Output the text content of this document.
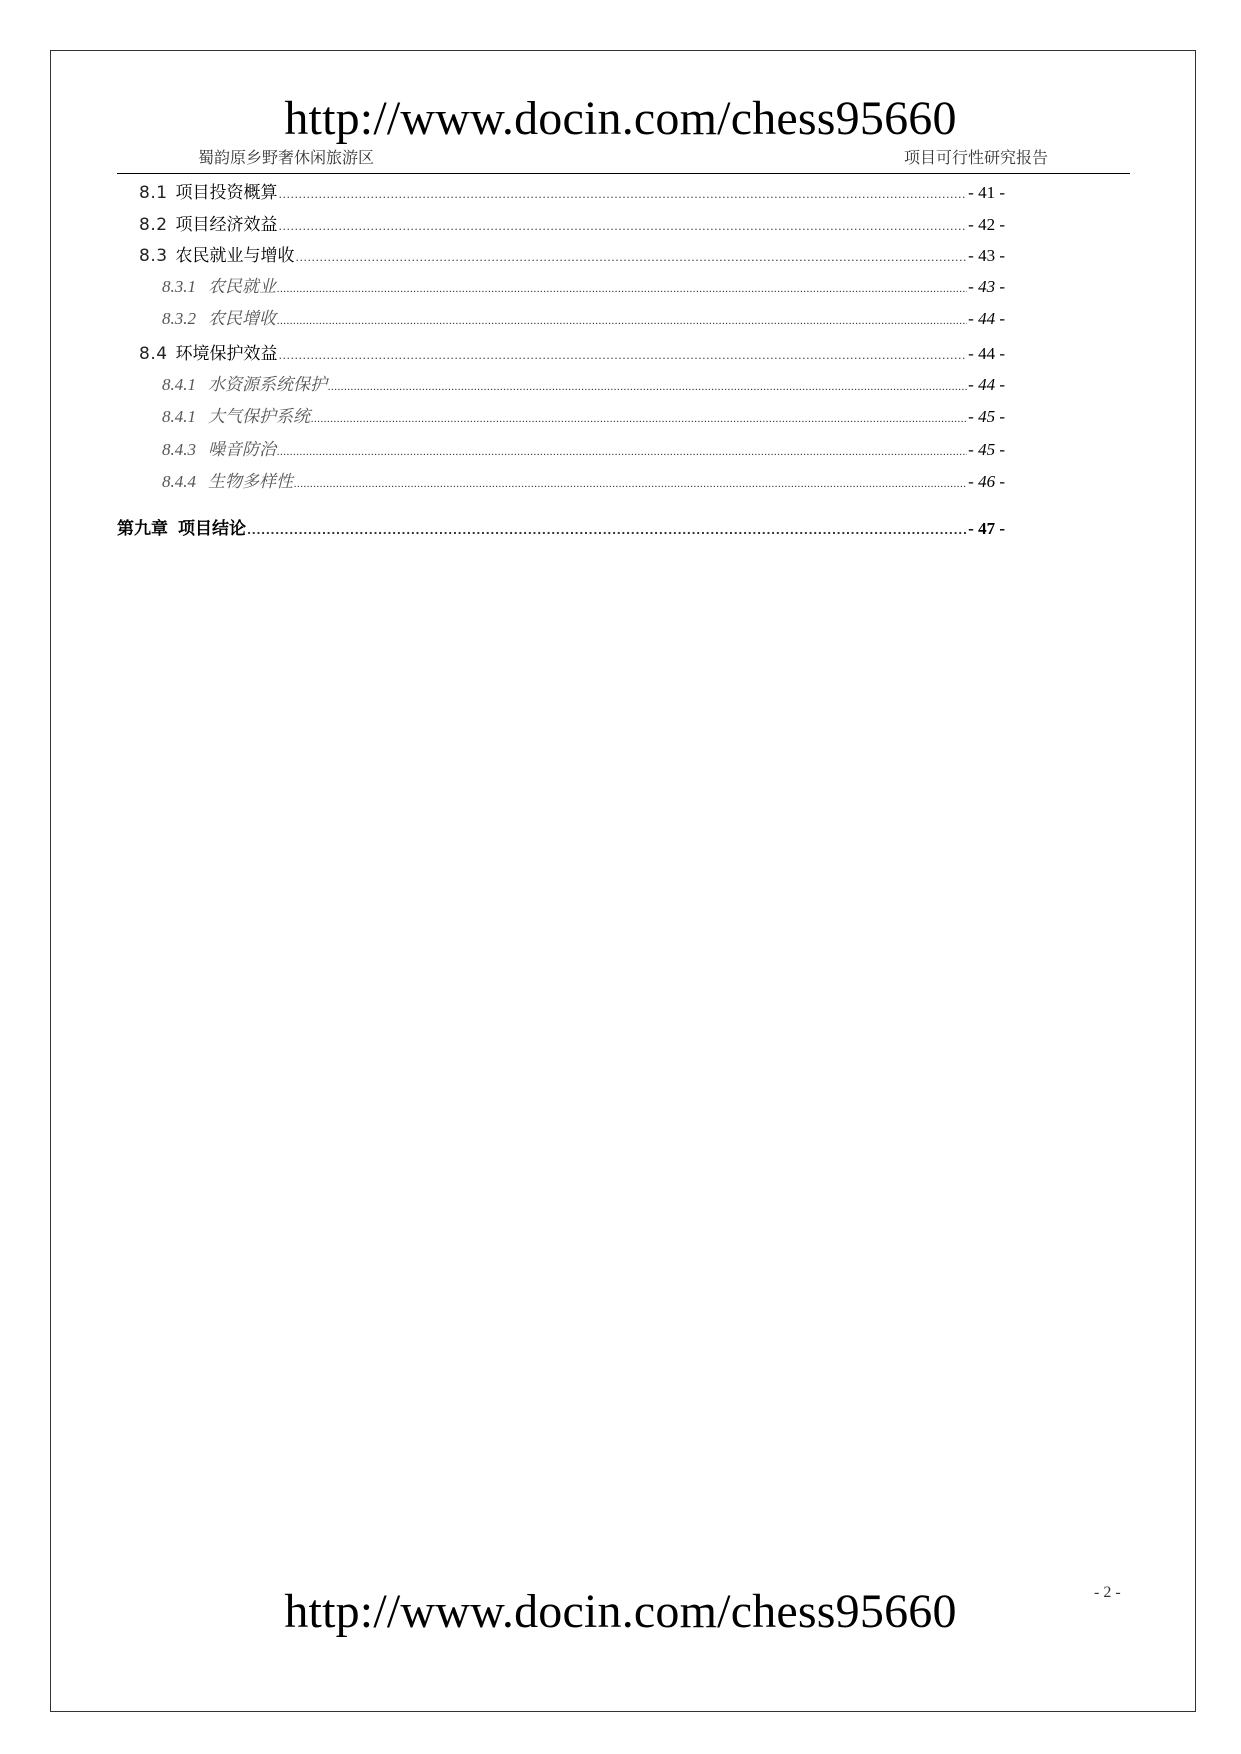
http://www.docin.com/chess95660
蜀韵原乡野奢休闲旅游区	项目可行性研究报告
8.1 项目投资概算 .....	- 41 -
8.2 项目经济效益 .....	- 42 -
8.3 农民就业与增收 .....	- 43 -
8.3.1 农民就业 .....	- 43 -
8.3.2 农民增收 .....	- 44 -
8.4 环境保护效益 .....	- 44 -
8.4.1 水资源系统保护 .....	- 44 -
8.4.1 大气保护系统 .....	- 45 -
8.4.3 噪音防治 .....	- 45 -
8.4.4 生物多样性 .....	- 46 -
第九章 项目结论 .....	- 47 -
- 2 -
http://www.docin.com/chess95660
